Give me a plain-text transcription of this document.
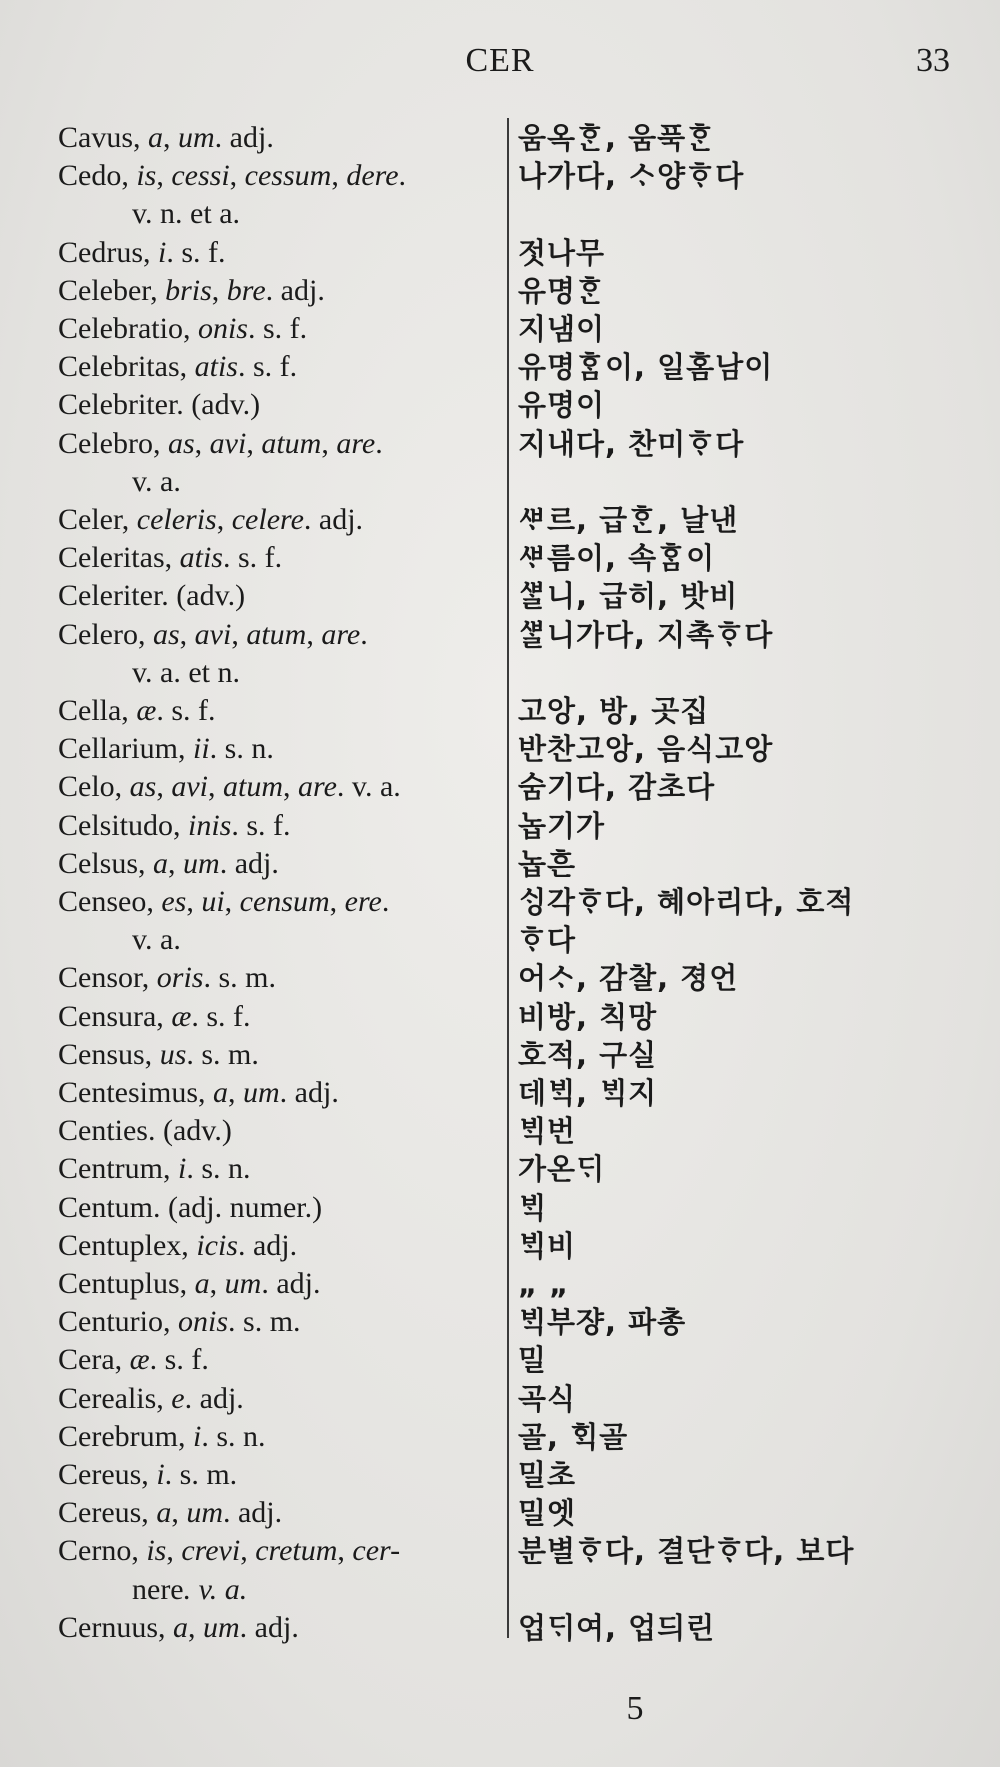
CER	33
Cavus, a, um. adj.	움옥ᄒᆞᆫ, 움푹ᄒᆞᆫ
Cedo, is, cessi, cessum, dere.	나가다, ᄉᆞ양ᄒᆞ다
v. n. et a.
Cedrus, i. s. f.	젓나무
Celeber, bris, bre. adj.	유명ᄒᆞᆫ
Celebratio, onis. s. f.	지냄이
Celebritas, atis. s. f.	유명ᄒᆞᆷ이, 일홈남이
Celebriter. (adv.)	유명이
Celebro, as, avi, atum, are.	지내다, 찬미ᄒᆞ다
v. a.
Celer, celeris, celere. adj.	ᄲᆞ르, 급ᄒᆞᆫ, 날낸
Celeritas, atis. s. f.	ᄲᆞ름이, 속ᄒᆞᆷ이
Celeriter. (adv.)	ᄲᆞᆯ니, 급히, 밧비
Celero, as, avi, atum, are.	ᄲᆞᆯ니가다, 지촉ᄒᆞ다
v. a. et n.
Cella, æ. s. f.	고앙, 방, 곳집
Cellarium, ii. s. n.	반찬고앙, 음식고앙
Celo, as, avi, atum, are. v. a.	숨기다, 감초다
Celsitudo, inis. s. f.	놉기가
Celsus, a, um. adj.	놉흔
Censeo, es, ui, censum, ere.	ᄉᆡᆼ각ᄒᆞ다, 혜아리다, 호적
v. a.	ᄒᆞ다
Censor, oris. s. m.	어ᄉᆞ, 감찰, 졍언
Censura, æ. s. f.	비방, 칙망
Census, us. s. m.	호적, 구실
Centesimus, a, um. adj.	데ᄇᆡᆨ, ᄇᆡᆨ지
Centies. (adv.)	ᄇᆡᆨ번
Centrum, i. s. n.	가온ᄃᆡ
Centum. (adj. numer.)	ᄇᆡᆨ
Centuplex, icis. adj.	ᄇᆡᆨ비
Centuplus, a, um. adj.	„ „
Centurio, onis. s. m.	ᄇᆡᆨ부쟝, 파총
Cera, æ. s. f.	밀
Cerealis, e. adj.	곡식
Cerebrum, i. s. n.	골, ᄒᆡᆨ골
Cereus, i. s. m.	밀초
Cereus, a, um. adj.	밀엣
Cerno, is, crevi, cretum, cer-	분별ᄒᆞ다, 결단ᄒᆞ다, 보다
nere. v. a.
Cernuus, a, um. adj.	업ᄃᆡ여, 업듸린
5
